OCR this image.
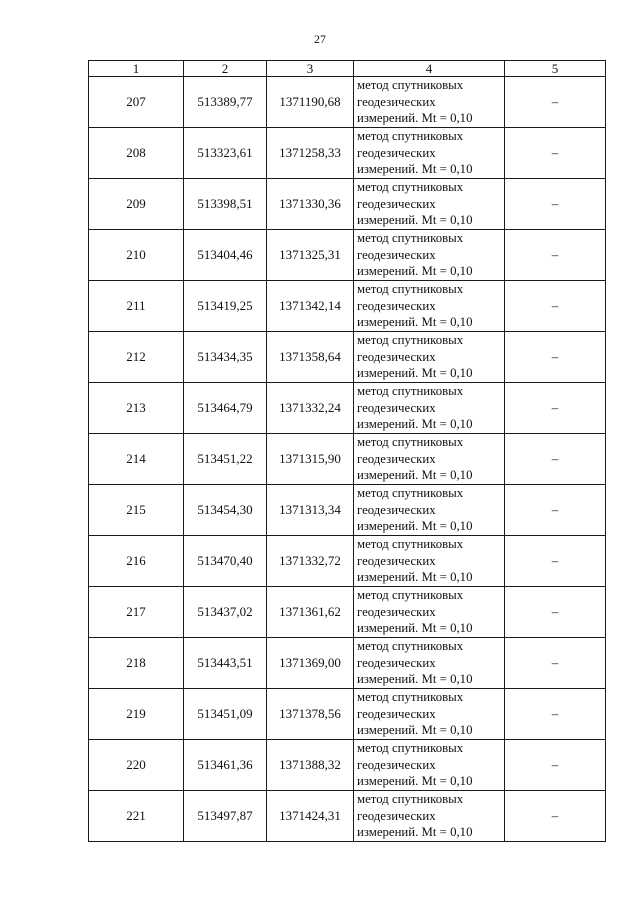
27
1	2	3	4	5
207	513389,77	1371190,68	метод спутниковых
геодезических
измерений. Mt = 0,10	–
208	513323,61	1371258,33	метод спутниковых
геодезических
измерений. Mt = 0,10	–
209	513398,51	1371330,36	метод спутниковых
геодезических
измерений. Mt = 0,10	–
210	513404,46	1371325,31	метод спутниковых
геодезических
измерений. Mt = 0,10	–
211	513419,25	1371342,14	метод спутниковых
геодезических
измерений. Mt = 0,10	–
212	513434,35	1371358,64	метод спутниковых
геодезических
измерений. Mt = 0,10	–
213	513464,79	1371332,24	метод спутниковых
геодезических
измерений. Mt = 0,10	–
214	513451,22	1371315,90	метод спутниковых
геодезических
измерений. Mt = 0,10	–
215	513454,30	1371313,34	метод спутниковых
геодезических
измерений. Mt = 0,10	–
216	513470,40	1371332,72	метод спутниковых
геодезических
измерений. Mt = 0,10	–
217	513437,02	1371361,62	метод спутниковых
геодезических
измерений. Mt = 0,10	–
218	513443,51	1371369,00	метод спутниковых
геодезических
измерений. Mt = 0,10	–
219	513451,09	1371378,56	метод спутниковых
геодезических
измерений. Mt = 0,10	–
220	513461,36	1371388,32	метод спутниковых
геодезических
измерений. Mt = 0,10	–
221	513497,87	1371424,31	метод спутниковых
геодезических
измерений. Mt = 0,10	–
